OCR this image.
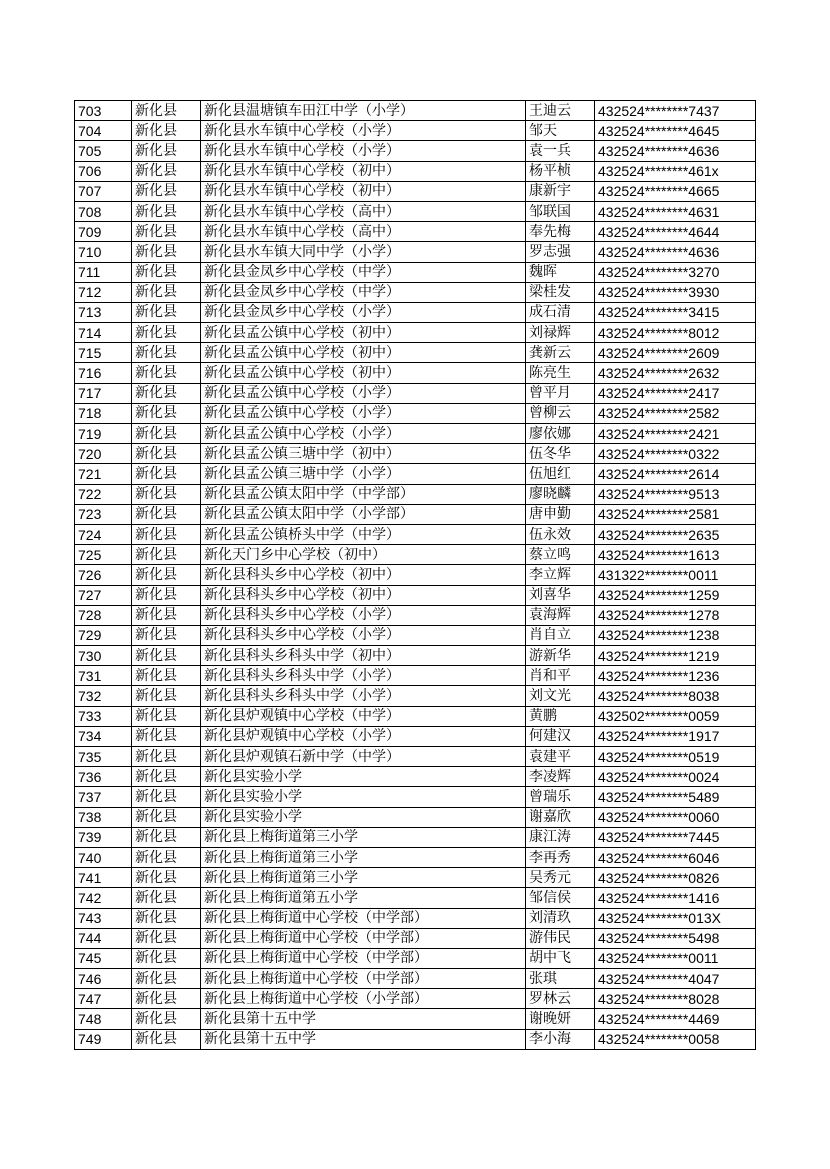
703	新化县	新化县温塘镇车田江中学（小学）	王迪云	432524********7437
704	新化县	新化县水车镇中心学校（小学）	邹天	432524********4645
705	新化县	新化县水车镇中心学校（小学）	袁一兵	432524********4636
706	新化县	新化县水车镇中心学校（初中）	杨平桢	432524********461x
707	新化县	新化县水车镇中心学校（初中）	康新宇	432524********4665
708	新化县	新化县水车镇中心学校（高中）	邹联国	432524********4631
709	新化县	新化县水车镇中心学校（高中）	奉先梅	432524********4644
710	新化县	新化县水车镇大同中学（小学）	罗志强	432524********4636
711	新化县	新化县金凤乡中心学校（中学）	魏晖	432524********3270
712	新化县	新化县金凤乡中心学校（中学）	梁桂发	432524********3930
713	新化县	新化县金凤乡中心学校（小学）	成石清	432524********3415
714	新化县	新化县孟公镇中心学校（初中）	刘禄辉	432524********8012
715	新化县	新化县孟公镇中心学校（初中）	龚新云	432524********2609
716	新化县	新化县孟公镇中心学校（初中）	陈亮生	432524********2632
717	新化县	新化县孟公镇中心学校（小学）	曾平月	432524********2417
718	新化县	新化县孟公镇中心学校（小学）	曾柳云	432524********2582
719	新化县	新化县孟公镇中心学校（小学）	廖依娜	432524********2421
720	新化县	新化县孟公镇三塘中学（初中）	伍冬华	432524********0322
721	新化县	新化县孟公镇三塘中学（小学）	伍旭红	432524********2614
722	新化县	新化县孟公镇太阳中学（中学部）	廖晓麟	432524********9513
723	新化县	新化县孟公镇太阳中学（小学部）	唐申勤	432524********2581
724	新化县	新化县孟公镇桥头中学（中学）	伍永效	432524********2635
725	新化县	新化天门乡中心学校（初中）	蔡立鸣	432524********1613
726	新化县	新化县科头乡中心学校（初中）	李立辉	431322********0011
727	新化县	新化县科头乡中心学校（初中）	刘喜华	432524********1259
728	新化县	新化县科头乡中心学校（小学）	袁海辉	432524********1278
729	新化县	新化县科头乡中心学校（小学）	肖自立	432524********1238
730	新化县	新化县科头乡科头中学（初中）	游新华	432524********1219
731	新化县	新化县科头乡科头中学（小学）	肖和平	432524********1236
732	新化县	新化县科头乡科头中学（小学）	刘文光	432524********8038
733	新化县	新化县炉观镇中心学校（中学）	黄鹏	432502********0059
734	新化县	新化县炉观镇中心学校（小学）	何建汉	432524********1917
735	新化县	新化县炉观镇石新中学（中学）	袁建平	432524********0519
736	新化县	新化县实验小学	李凌辉	432524********0024
737	新化县	新化县实验小学	曾瑞乐	432524********5489
738	新化县	新化县实验小学	谢嘉欣	432524********0060
739	新化县	新化县上梅街道第三小学	康江涛	432524********7445
740	新化县	新化县上梅街道第三小学	李再秀	432524********6046
741	新化县	新化县上梅街道第三小学	吴秀元	432524********0826
742	新化县	新化县上梅街道第五小学	邹信侯	432524********1416
743	新化县	新化县上梅街道中心学校（中学部）	刘清玖	432524********013X
744	新化县	新化县上梅街道中心学校（中学部）	游伟民	432524********5498
745	新化县	新化县上梅街道中心学校（中学部）	胡中飞	432524********0011
746	新化县	新化县上梅街道中心学校（中学部）	张琪	432524********4047
747	新化县	新化县上梅街道中心学校（小学部）	罗林云	432524********8028
748	新化县	新化县第十五中学	谢晚妍	432524********4469
749	新化县	新化县第十五中学	李小海	432524********0058
